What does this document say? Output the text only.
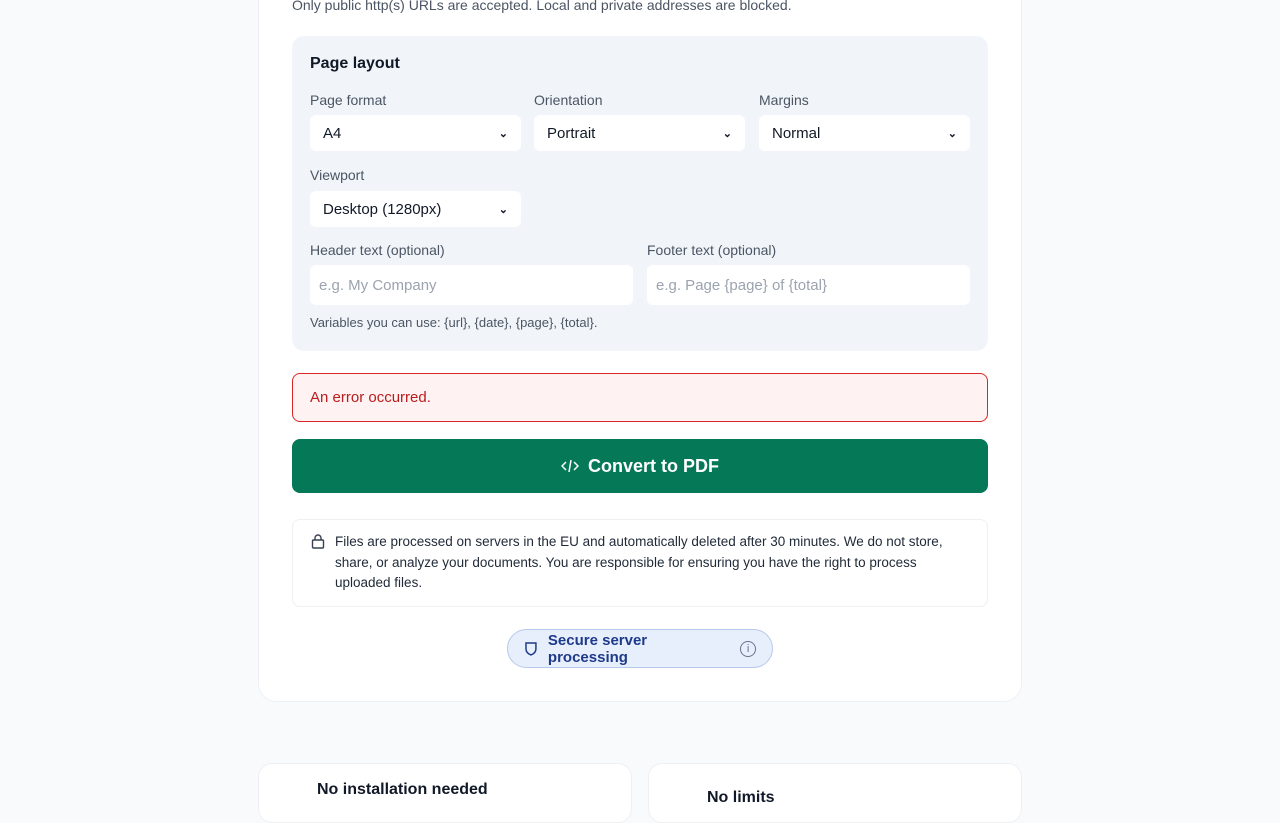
Only public http(s) URLs are accepted. Local and private addresses are blocked.
Page layout
Page format
A4	⌄
Orientation
Portrait	⌄
Margins
Normal	⌄
Viewport
Desktop (1280px)	⌄
Header text (optional)
e.g. My Company
Footer text (optional)
e.g. Page {page} of {total}
Variables you can use: {url}, {date}, {page}, {total}.
An error occurred.
Convert to PDF
Files are processed on servers in the EU and automatically deleted after 30 minutes. We do not store, share, or analyze your documents. You are responsible for ensuring you have the right to process uploaded files.
Secure server processing	i
No installation needed	No limits
